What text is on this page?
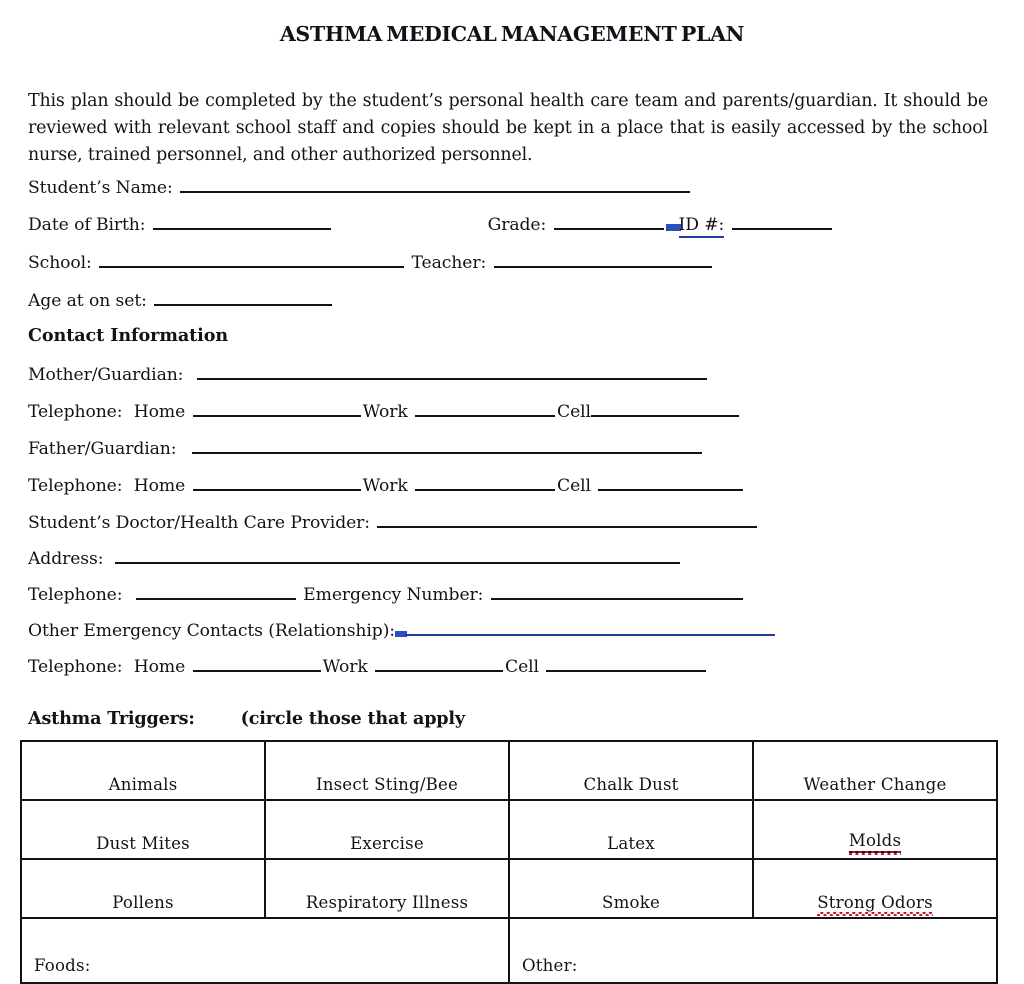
ASTHMA MEDICAL MANAGEMENT PLAN
This plan should be completed by the student’s personal health care team and parents/guardian. It should be reviewed with relevant school staff and copies should be kept in a place that is easily accessed by the school nurse, trained personnel, and other authorized personnel.
Student’s Name:
Date of Birth:	Grade:	ID #:
School:	Teacher:
Age at on set:
Contact Information
Mother/Guardian:
Telephone: Home	Work	Cell
Father/Guardian:
Telephone: Home	Work	Cell
Student’s Doctor/Health Care Provider:
Address:
Telephone:	Emergency Number:
Other Emergency Contacts (Relationship):
Telephone: Home	Work	Cell
Asthma Triggers:	(circle those that apply
Animals	Insect Sting/Bee	Chalk Dust	Weather Change
Dust Mites	Exercise	Latex	Molds
Pollens	Respiratory Illness	Smoke	Strong Odors
Foods:		Other:	
